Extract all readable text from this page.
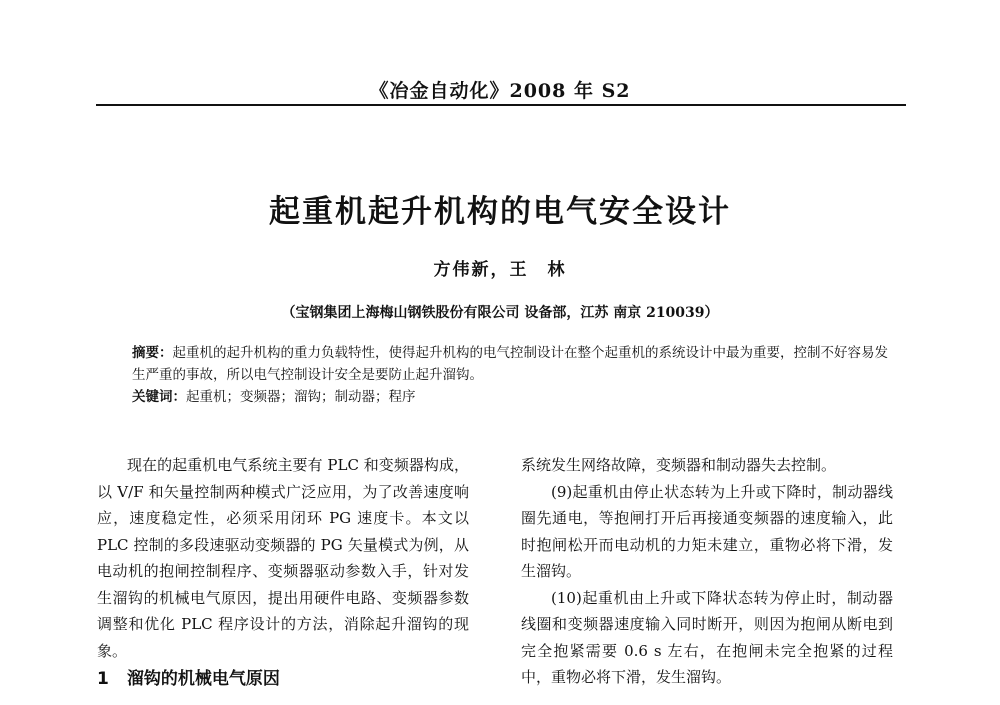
《冶金自动化》2008 年 S2
起重机起升机构的电气安全设计
方伟新，王　林
（宝钢集团上海梅山钢铁股份有限公司 设备部，江苏 南京 210039）
摘要：起重机的起升机构的重力负载特性，使得起升机构的电气控制设计在整个起重机的系统设计中最为重要，控制不好容易发生严重的事故，所以电气控制设计安全是要防止起升溜钩。
关键词：起重机；变频器；溜钩；制动器；程序

现在的起重机电气系统主要有 PLC 和变频器构成，以 V/F 和矢量控制两种模式广泛应用，为了改善速度响应，速度稳定性，必须采用闭环 PG 速度卡。本文以 PLC 控制的多段速驱动变频器的 PG 矢量模式为例，从电动机的抱闸控制程序、变频器驱动参数入手，针对发生溜钩的机械电气原因，提出用硬件电路、变频器参数调整和优化 PLC 程序设计的方法，消除起升溜钩的现象。

1 溜钩的机械电气原因

系统发生网络故障，变频器和制动器失去控制。

(9)起重机由停止状态转为上升或下降时，制动器线圈先通电，等抱闸打开后再接通变频器的速度输入，此时抱闸松开而电动机的力矩未建立，重物必将下滑，发生溜钩。

(10)起重机由上升或下降状态转为停止时，制动器线圈和变频器速度输入同时断开，则因为抱闸从断电到完全抱紧需要 0.6 s 左右，在抱闸未完全抱紧的过程中，重物必将下滑，发生溜钩。
